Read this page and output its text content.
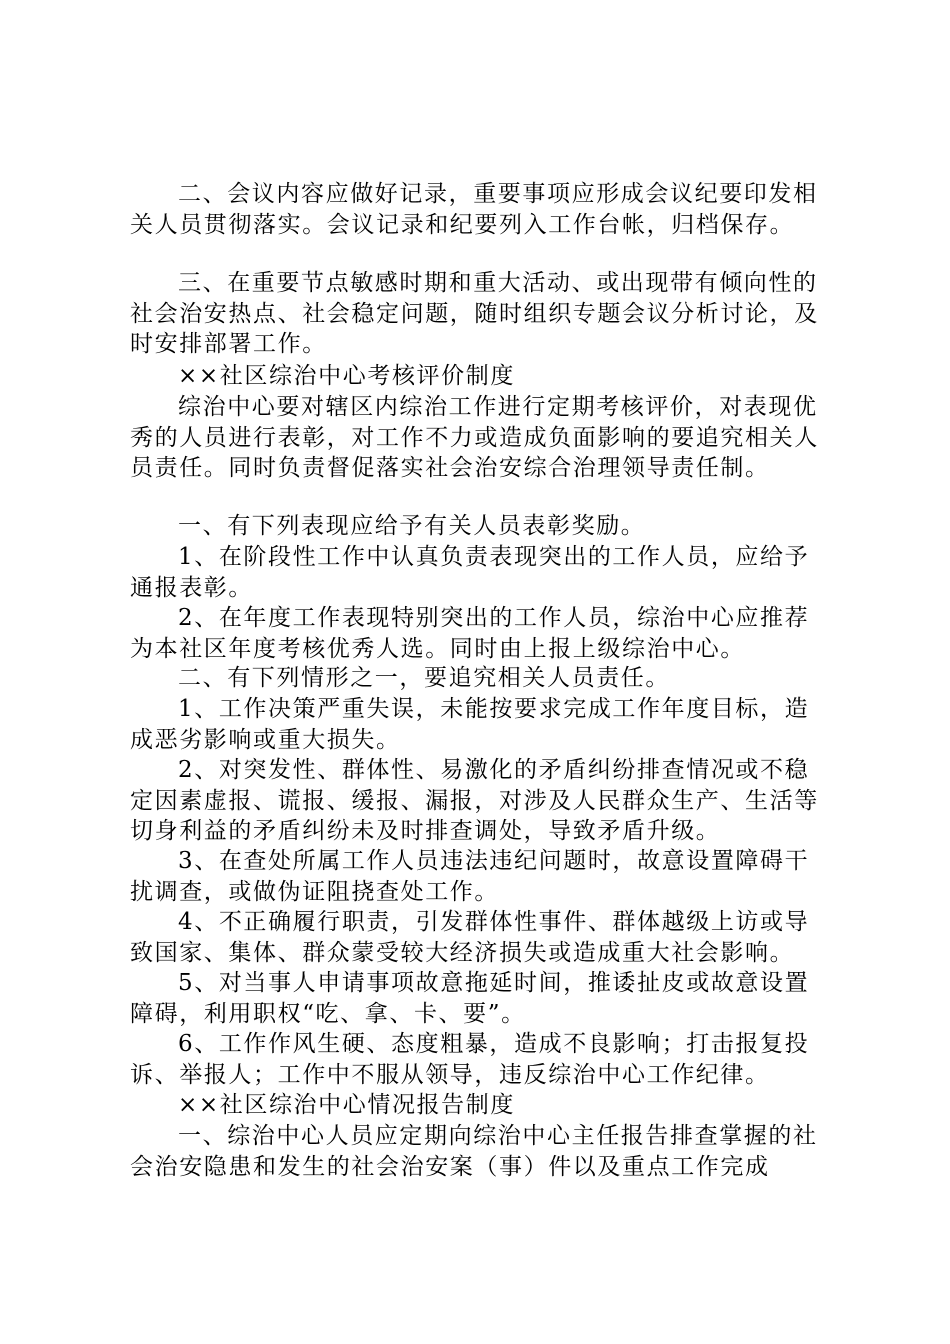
二、会议内容应做好记录，重要事项应形成会议纪要印发相关人员贯彻落实。会议记录和纪要列入工作台帐，归档保存。

三、在重要节点敏感时期和重大活动、或出现带有倾向性的社会治安热点、社会稳定问题，随时组织专题会议分析讨论，及时安排部署工作。

××社区综治中心考核评价制度

综治中心要对辖区内综治工作进行定期考核评价，对表现优秀的人员进行表彰，对工作不力或造成负面影响的要追究相关人员责任。同时负责督促落实社会治安综合治理领导责任制。

一、有下列表现应给予有关人员表彰奖励。

1、在阶段性工作中认真负责表现突出的工作人员，应给予通报表彰。

2、在年度工作表现特别突出的工作人员，综治中心应推荐为本社区年度考核优秀人选。同时由上报上级综治中心。

二、有下列情形之一，要追究相关人员责任。

1、工作决策严重失误，未能按要求完成工作年度目标，造成恶劣影响或重大损失。

2、对突发性、群体性、易激化的矛盾纠纷排查情况或不稳定因素虚报、谎报、缓报、漏报，对涉及人民群众生产、生活等切身利益的矛盾纠纷未及时排查调处，导致矛盾升级。

3、在查处所属工作人员违法违纪问题时，故意设置障碍干扰调查，或做伪证阻挠查处工作。

4、不正确履行职责，引发群体性事件、群体越级上访或导致国家、集体、群众蒙受较大经济损失或造成重大社会影响。

5、对当事人申请事项故意拖延时间，推诿扯皮或故意设置障碍，利用职权“吃、拿、卡、要”。

6、工作作风生硬、态度粗暴，造成不良影响；打击报复投诉、举报人；工作中不服从领导，违反综治中心工作纪律。

××社区综治中心情况报告制度

一、综治中心人员应定期向综治中心主任报告排查掌握的社会治安隐患和发生的社会治安案（事）件以及重点工作完成
